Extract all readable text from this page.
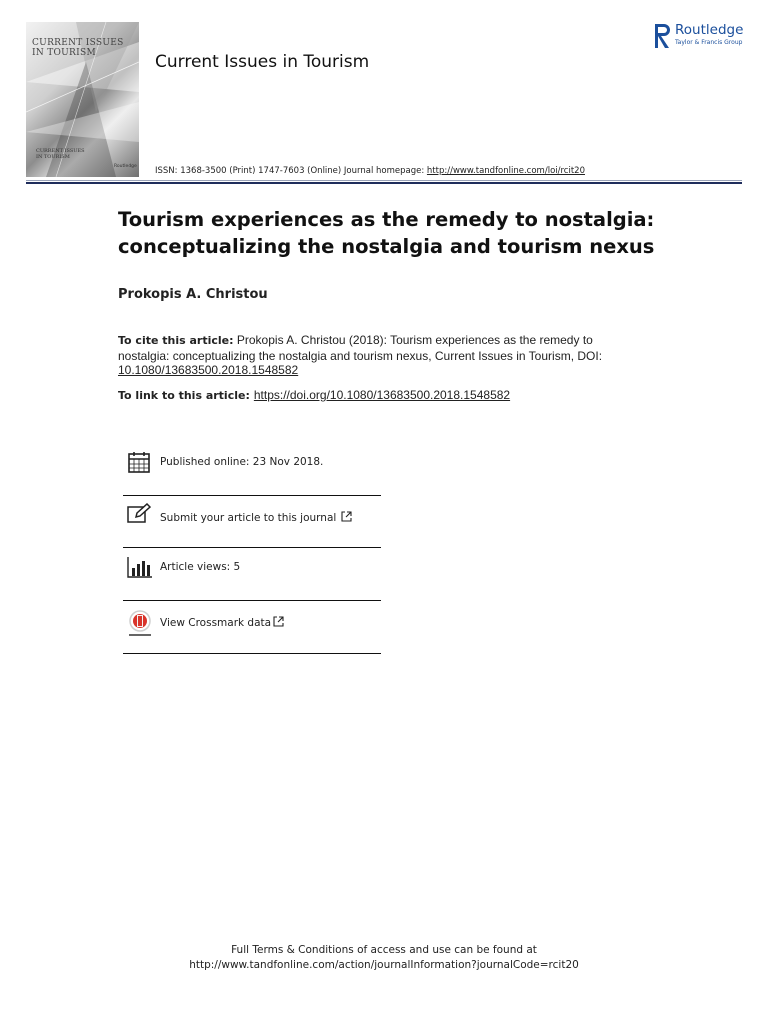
CURRENT ISSUES
IN TOURISM
CURRENT ISSUES
IN TOURISM
Routledge
Current Issues in Tourism
Routledge
Taylor & Francis Group
ISSN: 1368-3500 (Print) 1747-7603 (Online) Journal homepage: http://www.tandfonline.com/loi/rcit20
Tourism experiences as the remedy to nostalgia: conceptualizing the nostalgia and tourism nexus
Prokopis A. Christou
To cite this article: Prokopis A. Christou (2018): Tourism experiences as the remedy to nostalgia: conceptualizing the nostalgia and tourism nexus, Current Issues in Tourism, DOI: 10.1080/13683500.2018.1548582
To link to this article: https://doi.org/10.1080/13683500.2018.1548582
Published online: 23 Nov 2018.
Submit your article to this journal
Article views: 5
View Crossmark data
Full Terms & Conditions of access and use can be found at
http://www.tandfonline.com/action/journalInformation?journalCode=rcit20
